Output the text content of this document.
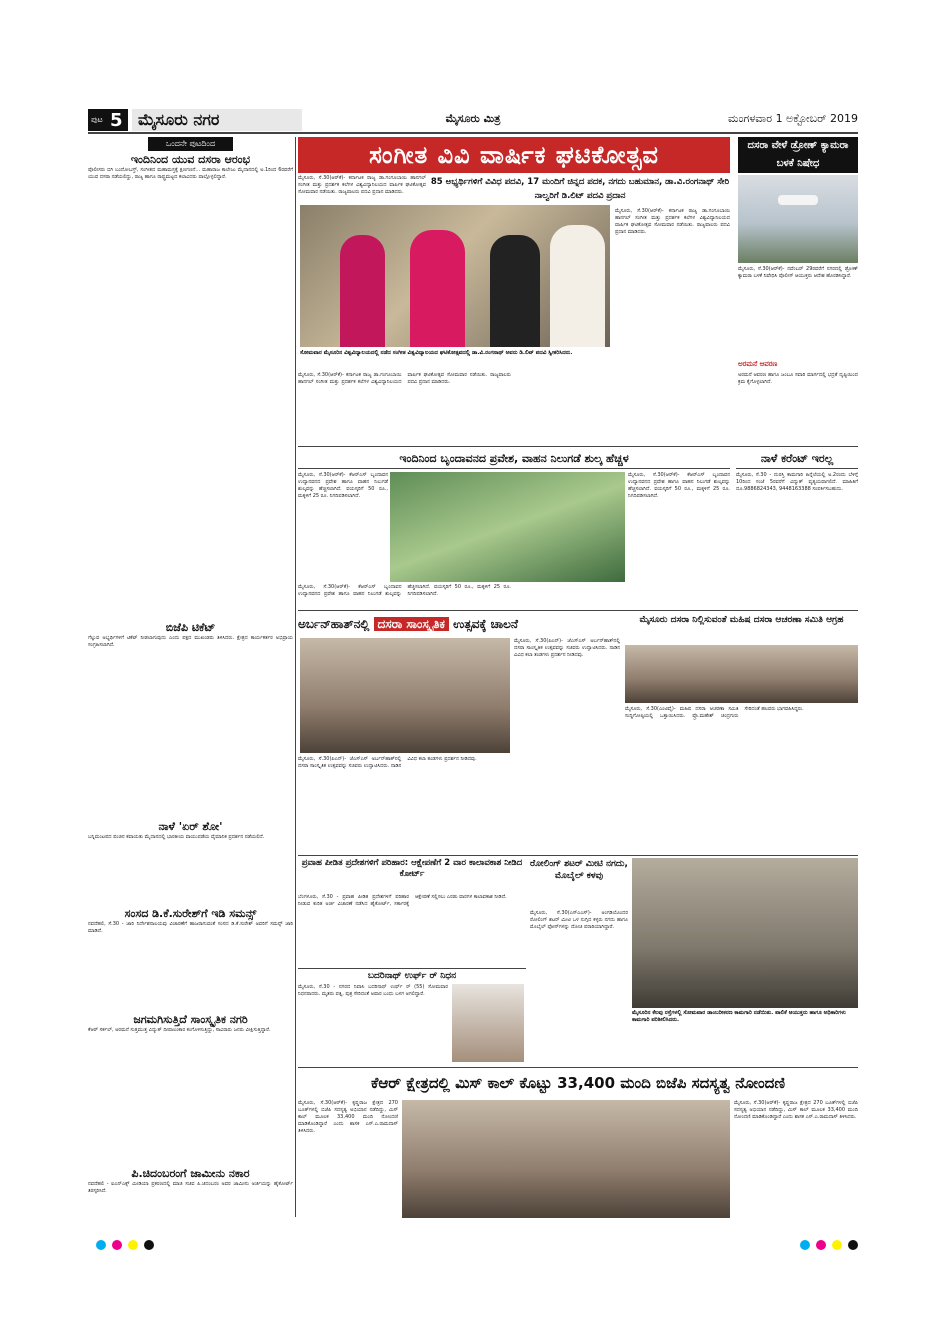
ಪುಟ 5 ಮೈಸೂರು ನಗರ	ಮೈಸೂರು ಮಿತ್ರ	ಮಂಗಳವಾರ 1 ಅಕ್ಟೋಬರ್ 2019
ಒಂದನೇ ಪುಟದಿಂದ
ಇಂದಿನಿಂದ ಯುವ ದಸರಾ ಆರಂಭ
ಪೊಲೀಸರು ಬಿಗಿ ಬಂದೋಬಸ್ತ್, ಸಂಗೀತದ ಮಹಾಮಸ್ತಕ್ಕೆ ಕ್ಷಣಗಣನೆ... ಮಹಾರಾಜ ಕಾಲೇಜು ಮೈದಾನದಲ್ಲಿ ಅ.1ರಿಂದ 6ರವರೆಗೆ ಯುವ ದಸರಾ ನಡೆಯಲಿದ್ದು, ರಾಜ್ಯ ಹಾಗೂ ರಾಷ್ಟ್ರಮಟ್ಟದ ಕಲಾವಿದರು ಪಾಲ್ಗೊಳ್ಳಲಿದ್ದಾರೆ.
ಸಂಸದ ಡಿ.ಕೆ.ಸುರೇಶ್‌ಗೆ ಇಡಿ ಸಮನ್ಸ್
ನವದೆಹಲಿ, ಸೆ.30 - ಜಾರಿ ನಿರ್ದೇಶನಾಲಯವು ವಿಚಾರಣೆಗೆ ಹಾಜರಾಗುವಂತೆ ಸಂಸದ ಡಿ.ಕೆ.ಸುರೇಶ್ ಅವರಿಗೆ ಸಮನ್ಸ್ ಜಾರಿ ಮಾಡಿದೆ.
ಬಿಜೆಪಿ ಟಿಕೆಟ್
ಗೆಲ್ಲುವ ಅಭ್ಯರ್ಥಿಗಳಿಗೆ ಟಿಕೆಟ್ ನೀಡಲಾಗುವುದು ಎಂದು ಪಕ್ಷದ ಮುಖಂಡರು ತಿಳಿಸಿದರು. ಕ್ಷೇತ್ರದ ಕಾರ್ಯಕರ್ತರ ಅಭಿಪ್ರಾಯ ಸಂಗ್ರಹಿಸಲಾಗಿದೆ.
ನಾಳೆ 'ಏರ್ ಶೋ'
ಬನ್ನಿಮಂಟಪದ ಪಂಜಿನ ಕವಾಯತು ಮೈದಾನದಲ್ಲಿ ಭಾರತೀಯ ವಾಯುಪಡೆಯ ವೈಮಾನಿಕ ಪ್ರದರ್ಶನ ನಡೆಯಲಿದೆ.
ಜಗಮಗಿಸುತ್ತಿದೆ ಸಾಂಸ್ಕೃತಿಕ ನಗರಿ
ಕೆಆರ್ ಸರ್ಕಲ್, ಅರಮನೆ ಸುತ್ತಮುತ್ತ ವಿದ್ಯುತ್ ದೀಪಾಲಂಕಾರ ಕಂಗೊಳಿಸುತ್ತಿದ್ದು, ಸಾವಿರಾರು ಜನರು ವೀಕ್ಷಿಸುತ್ತಿದ್ದಾರೆ.
ಪಿ.ಚಿದಂಬರಂಗೆ ಜಾಮೀನು ನಕಾರ
ನವದೆಹಲಿ - ಐಎನ್‌ಎಕ್ಸ್ ಮೀಡಿಯಾ ಪ್ರಕರಣದಲ್ಲಿ ಮಾಜಿ ಸಚಿವ ಪಿ.ಚಿದಂಬರಂ ಅವರ ಜಾಮೀನು ಅರ್ಜಿಯನ್ನು ಹೈಕೋರ್ಟ್ ತಿರಸ್ಕರಿಸಿದೆ.
ಸಂಗೀತ ವಿವಿ ವಾರ್ಷಿಕ ಘಟಿಕೋತ್ಸವ
85 ಅಭ್ಯರ್ಥಿಗಳಿಗೆ ವಿವಿಧ ಪದವಿ, 17 ಮಂದಿಗೆ ಚಿನ್ನದ ಪದಕ, ನಗದು ಬಹುಮಾನ, ಡಾ.ವಿ.ರಂಗನಾಥ್ ಸೇರಿ ನಾಲ್ವರಿಗೆ ಡಿ.ಲಿಟ್ ಪದವಿ ಪ್ರದಾನ
ಮೈಸೂರು, ಸೆ.30(ಆರ್‌ಕೆ)- ಕರ್ನಾಟಕ ರಾಜ್ಯ ಡಾ.ಗಂಗೂಬಾಯಿ ಹಾನಗಲ್ ಸಂಗೀತ ಮತ್ತು ಪ್ರದರ್ಶಕ ಕಲೆಗಳ ವಿಶ್ವವಿದ್ಯಾನಿಲಯದ ವಾರ್ಷಿಕ ಘಟಿಕೋತ್ಸವ ಸೋಮವಾರ ನಡೆಯಿತು. ರಾಜ್ಯಪಾಲರು ಪದವಿ ಪ್ರದಾನ ಮಾಡಿದರು.
ಸೋಮವಾರ ಮೈಸೂರಿನ ವಿಶ್ವವಿದ್ಯಾಲಯದಲ್ಲಿ ನಡೆದ ಸಂಗೀತ ವಿಶ್ವವಿದ್ಯಾಲಯದ ಘಟಿಕೋತ್ಸವದಲ್ಲಿ ಡಾ.ವಿ.ರಂಗನಾಥ್ ಅವರು ಡಿ.ಲಿಟ್ ಪದವಿ ಸ್ವೀಕರಿಸಿದರು.
ಮೈಸೂರು, ಸೆ.30(ಆರ್‌ಕೆ)- ಕರ್ನಾಟಕ ರಾಜ್ಯ ಡಾ.ಗಂಗೂಬಾಯಿ ಹಾನಗಲ್ ಸಂಗೀತ ಮತ್ತು ಪ್ರದರ್ಶಕ ಕಲೆಗಳ ವಿಶ್ವವಿದ್ಯಾನಿಲಯದ ವಾರ್ಷಿಕ ಘಟಿಕೋತ್ಸವ ಸೋಮವಾರ ನಡೆಯಿತು. ರಾಜ್ಯಪಾಲರು ಪದವಿ ಪ್ರದಾನ ಮಾಡಿದರು.
ಮೈಸೂರು, ಸೆ.30(ಆರ್‌ಕೆ)- ಕರ್ನಾಟಕ ರಾಜ್ಯ ಡಾ.ಗಂಗೂಬಾಯಿ ಹಾನಗಲ್ ಸಂಗೀತ ಮತ್ತು ಪ್ರದರ್ಶಕ ಕಲೆಗಳ ವಿಶ್ವವಿದ್ಯಾನಿಲಯದ ವಾರ್ಷಿಕ ಘಟಿಕೋತ್ಸವ ಸೋಮವಾರ ನಡೆಯಿತು. ರಾಜ್ಯಪಾಲರು ಪದವಿ ಪ್ರದಾನ ಮಾಡಿದರು.
ದಸರಾ ವೇಳೆ ಡ್ರೋಣ್ ಕ್ಯಾಮರಾ ಬಳಕೆ ನಿಷೇಧ
ಮೈಸೂರು, ಸೆ.30(ಆರ್‌ಕೆ)- ನವೆಂಬರ್ 29ರವರೆಗೆ ನಗರದಲ್ಲಿ ಡ್ರೋಣ್ ಕ್ಯಾಮರಾ ಬಳಕೆ ನಿಷೇಧಿಸಿ ಪೊಲೀಸ್ ಆಯುಕ್ತರು ಆದೇಶ ಹೊರಡಿಸಿದ್ದಾರೆ.
ಅರಮನೆ ಆವರಣ
ಅರಮನೆ ಆವರಣ ಹಾಗೂ ಜಂಬೂ ಸವಾರಿ ಮಾರ್ಗದಲ್ಲಿ ಭದ್ರತೆ ದೃಷ್ಟಿಯಿಂದ ಕ್ರಮ ಕೈಗೊಳ್ಳಲಾಗಿದೆ.
ಇಂದಿನಿಂದ ಬೃಂದಾವನದ ಪ್ರವೇಶ, ವಾಹನ ನಿಲುಗಡೆ ಶುಲ್ಕ ಹೆಚ್ಚಳ
ಮೈಸೂರು, ಸೆ.30(ಆರ್‌ಕೆ)- ಕೆಆರ್‌ಎಸ್ ಬೃಂದಾವನ ಉದ್ಯಾನವನದ ಪ್ರವೇಶ ಹಾಗೂ ವಾಹನ ನಿಲುಗಡೆ ಶುಲ್ಕವನ್ನು ಹೆಚ್ಚಿಸಲಾಗಿದೆ. ವಯಸ್ಕರಿಗೆ 50 ರೂ., ಮಕ್ಕಳಿಗೆ 25 ರೂ. ನಿಗದಿಪಡಿಸಲಾಗಿದೆ.
ಮೈಸೂರು, ಸೆ.30(ಆರ್‌ಕೆ)- ಕೆಆರ್‌ಎಸ್ ಬೃಂದಾವನ ಉದ್ಯಾನವನದ ಪ್ರವೇಶ ಹಾಗೂ ವಾಹನ ನಿಲುಗಡೆ ಶುಲ್ಕವನ್ನು ಹೆಚ್ಚಿಸಲಾಗಿದೆ. ವಯಸ್ಕರಿಗೆ 50 ರೂ., ಮಕ್ಕಳಿಗೆ 25 ರೂ. ನಿಗದಿಪಡಿಸಲಾಗಿದೆ.
ಮೈಸೂರು, ಸೆ.30(ಆರ್‌ಕೆ)- ಕೆಆರ್‌ಎಸ್ ಬೃಂದಾವನ ಉದ್ಯಾನವನದ ಪ್ರವೇಶ ಹಾಗೂ ವಾಹನ ನಿಲುಗಡೆ ಶುಲ್ಕವನ್ನು ಹೆಚ್ಚಿಸಲಾಗಿದೆ. ವಯಸ್ಕರಿಗೆ 50 ರೂ., ಮಕ್ಕಳಿಗೆ 25 ರೂ. ನಿಗದಿಪಡಿಸಲಾಗಿದೆ.
ನಾಳೆ ಕರೆಂಟ್ ಇರಲ್ಲ
ಮೈಸೂರು, ಸೆ.30 - ದುರಸ್ತಿ ಕಾಮಗಾರಿ ಹಿನ್ನೆಲೆಯಲ್ಲಿ ಅ.2ರಂದು ಬೆಳಿಗ್ಗೆ 10ರಿಂದ ಸಂಜೆ 5ರವರೆಗೆ ವಿದ್ಯುತ್ ವ್ಯತ್ಯಯವಾಗಲಿದೆ. ಮಾಹಿತಿಗೆ ದೂ.9886824343, 9448163388 ಸಂಪರ್ಕಿಸಬಹುದು.
ಅರ್ಬನ್‌ಹಾತ್‌ನಲ್ಲಿ ದಸರಾ ಸಾಂಸ್ಕೃತಿಕ ಉತ್ಸವಕ್ಕೆ ಚಾಲನೆ
ಮೈಸೂರು, ಸೆ.30(ಪಿಎನ್)- ಜೆಎಸ್‌ಎಸ್ ಅರ್ಬನ್‌ಹಾತ್‌ನಲ್ಲಿ ದಸರಾ ಸಾಂಸ್ಕೃತಿಕ ಉತ್ಸವವನ್ನು ಸಚಿವರು ಉದ್ಘಾಟಿಸಿದರು. ನಾಡಿನ ವಿವಿಧ ಕಲಾ ತಂಡಗಳು ಪ್ರದರ್ಶನ ನೀಡಿದವು.
ಮೈಸೂರು, ಸೆ.30(ಪಿಎನ್)- ಜೆಎಸ್‌ಎಸ್ ಅರ್ಬನ್‌ಹಾತ್‌ನಲ್ಲಿ ದಸರಾ ಸಾಂಸ್ಕೃತಿಕ ಉತ್ಸವವನ್ನು ಸಚಿವರು ಉದ್ಘಾಟಿಸಿದರು. ನಾಡಿನ ವಿವಿಧ ಕಲಾ ತಂಡಗಳು ಪ್ರದರ್ಶನ ನೀಡಿದವು.
ಮೈಸೂರು ದಸರಾ ನಿಲ್ಲಿಸುವಂತೆ ಮಹಿಷ ದಸರಾ ಆಚರಣಾ ಸಮಿತಿ ಆಗ್ರಹ
ಮೈಸೂರು, ಸೆ.30(ಎಂಟಿವೈ)- ಮಹಿಷ ದಸರಾ ಆಚರಣಾ ಸಮಿತಿ ಸುದ್ದಿಗೋಷ್ಠಿಯಲ್ಲಿ ಒತ್ತಾಯಿಸಿದರು. ಪ್ರೊ.ಮಹೇಶ್ ಚಂದ್ರಗುರು ಸೇರಿದಂತೆ ಹಲವರು ಭಾಗವಹಿಸಿದ್ದರು.
ಪ್ರವಾಹ ಪೀಡಿತ ಪ್ರದೇಶಗಳಿಗೆ ಪರಿಹಾರ: ಆಕ್ಷೇಪಣೆಗೆ 2 ವಾರ ಕಾಲಾವಕಾಶ ನೀಡಿದ ಕೋರ್ಟ್
ಬೆಂಗಳೂರು, ಸೆ.30 - ಪ್ರವಾಹ ಪೀಡಿತ ಪ್ರದೇಶಗಳಿಗೆ ಪರಿಹಾರ ನೀಡುವ ಕುರಿತ ಅರ್ಜಿ ವಿಚಾರಣೆ ನಡೆಸಿದ ಹೈಕೋರ್ಟ್, ಸರ್ಕಾರಕ್ಕೆ ಆಕ್ಷೇಪಣೆ ಸಲ್ಲಿಸಲು ಎರಡು ವಾರಗಳ ಕಾಲಾವಕಾಶ ನೀಡಿದೆ.
ಬದರಿನಾಥ್ ಉರ್ಫ್ ರ್ ನಿಧನ
ಮೈಸೂರು, ಸೆ.30 - ನಗರದ ನಿವಾಸಿ ಬದರಿನಾಥ್ ಉರ್ಫ್ ರ್ (55) ಸೋಮವಾರ ನಿಧನರಾದರು. ಮೃತರು ಪತ್ನಿ, ಪುತ್ರ ಸೇರಿದಂತೆ ಅಪಾರ ಬಂಧು ಬಳಗ ಅಗಲಿದ್ದಾರೆ.
ರೋಲಿಂಗ್ ಶಟರ್ ಮೀಟಿ ನಗದು, ಮೊಬೈಲ್ ಕಳವು
ಮೈಸೂರು, ಸೆ.30(ಎಸ್‌ಎಎಸ್)- ಅಂಗಡಿಯೊಂದರ ರೋಲಿಂಗ್ ಶಟರ್ ಮೀಟಿ ಒಳ ನುಗ್ಗಿದ ಕಳ್ಳರು ನಗದು ಹಾಗೂ ಮೊಬೈಲ್ ಫೋನ್‌ಗಳನ್ನು ದೋಚಿ ಪರಾರಿಯಾಗಿದ್ದಾರೆ.
ಮೈಸೂರಿನ ಕೆಲವು ರಸ್ತೆಗಳಲ್ಲಿ ಸೋಮವಾರ ಡಾಂಬರೀಕರಣ ಕಾಮಗಾರಿ ನಡೆಯಿತು. ಪಾಲಿಕೆ ಆಯುಕ್ತರು ಹಾಗೂ ಅಧಿಕಾರಿಗಳು ಕಾಮಗಾರಿ ಪರಿಶೀಲಿಸಿದರು.
ಕೆಆರ್ ಕ್ಷೇತ್ರದಲ್ಲಿ ಮಿಸ್ ಕಾಲ್ ಕೊಟ್ಟು 33,400 ಮಂದಿ ಬಿಜೆಪಿ ಸದಸ್ಯತ್ವ ನೋಂದಣಿ
ಮೈಸೂರು, ಸೆ.30(ಆರ್‌ಕೆ)- ಕೃಷ್ಣರಾಜ ಕ್ಷೇತ್ರದ 270 ಬೂತ್‌ಗಳಲ್ಲಿ ಬಿಜೆಪಿ ಸದಸ್ಯತ್ವ ಅಭಿಯಾನ ನಡೆದಿದ್ದು, ಮಿಸ್ ಕಾಲ್ ಮೂಲಕ 33,400 ಮಂದಿ ನೋಂದಣಿ ಮಾಡಿಕೊಂಡಿದ್ದಾರೆ ಎಂದು ಶಾಸಕ ಎಸ್.ಎ.ರಾಮದಾಸ್ ತಿಳಿಸಿದರು.
ಮೈಸೂರು, ಸೆ.30(ಆರ್‌ಕೆ)- ಕೃಷ್ಣರಾಜ ಕ್ಷೇತ್ರದ 270 ಬೂತ್‌ಗಳಲ್ಲಿ ಬಿಜೆಪಿ ಸದಸ್ಯತ್ವ ಅಭಿಯಾನ ನಡೆದಿದ್ದು, ಮಿಸ್ ಕಾಲ್ ಮೂಲಕ 33,400 ಮಂದಿ ನೋಂದಣಿ ಮಾಡಿಕೊಂಡಿದ್ದಾರೆ ಎಂದು ಶಾಸಕ ಎಸ್.ಎ.ರಾಮದಾಸ್ ತಿಳಿಸಿದರು.
